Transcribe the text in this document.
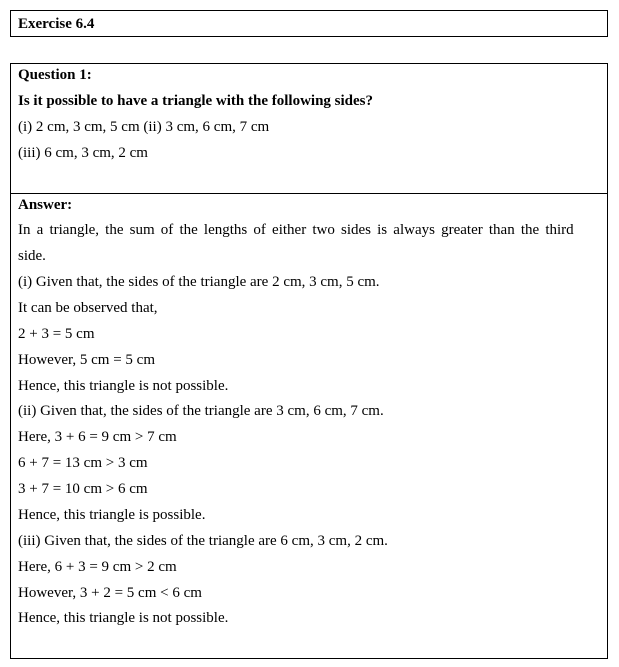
Exercise 6.4
Question 1:
Is it possible to have a triangle with the following sides?
(i) 2 cm, 3 cm, 5 cm (ii) 3 cm, 6 cm, 7 cm
(iii) 6 cm, 3 cm, 2 cm
Answer:
In a triangle, the sum of the lengths of either two sides is always greater than the third
side.
(i) Given that, the sides of the triangle are 2 cm, 3 cm, 5 cm.
It can be observed that,
2 + 3 = 5 cm
However, 5 cm = 5 cm
Hence, this triangle is not possible.
(ii) Given that, the sides of the triangle are 3 cm, 6 cm, 7 cm.
Here, 3 + 6 = 9 cm > 7 cm
6 + 7 = 13 cm > 3 cm
3 + 7 = 10 cm > 6 cm
Hence, this triangle is possible.
(iii) Given that, the sides of the triangle are 6 cm, 3 cm, 2 cm.
Here, 6 + 3 = 9 cm > 2 cm
However, 3 + 2 = 5 cm < 6 cm
Hence, this triangle is not possible.
